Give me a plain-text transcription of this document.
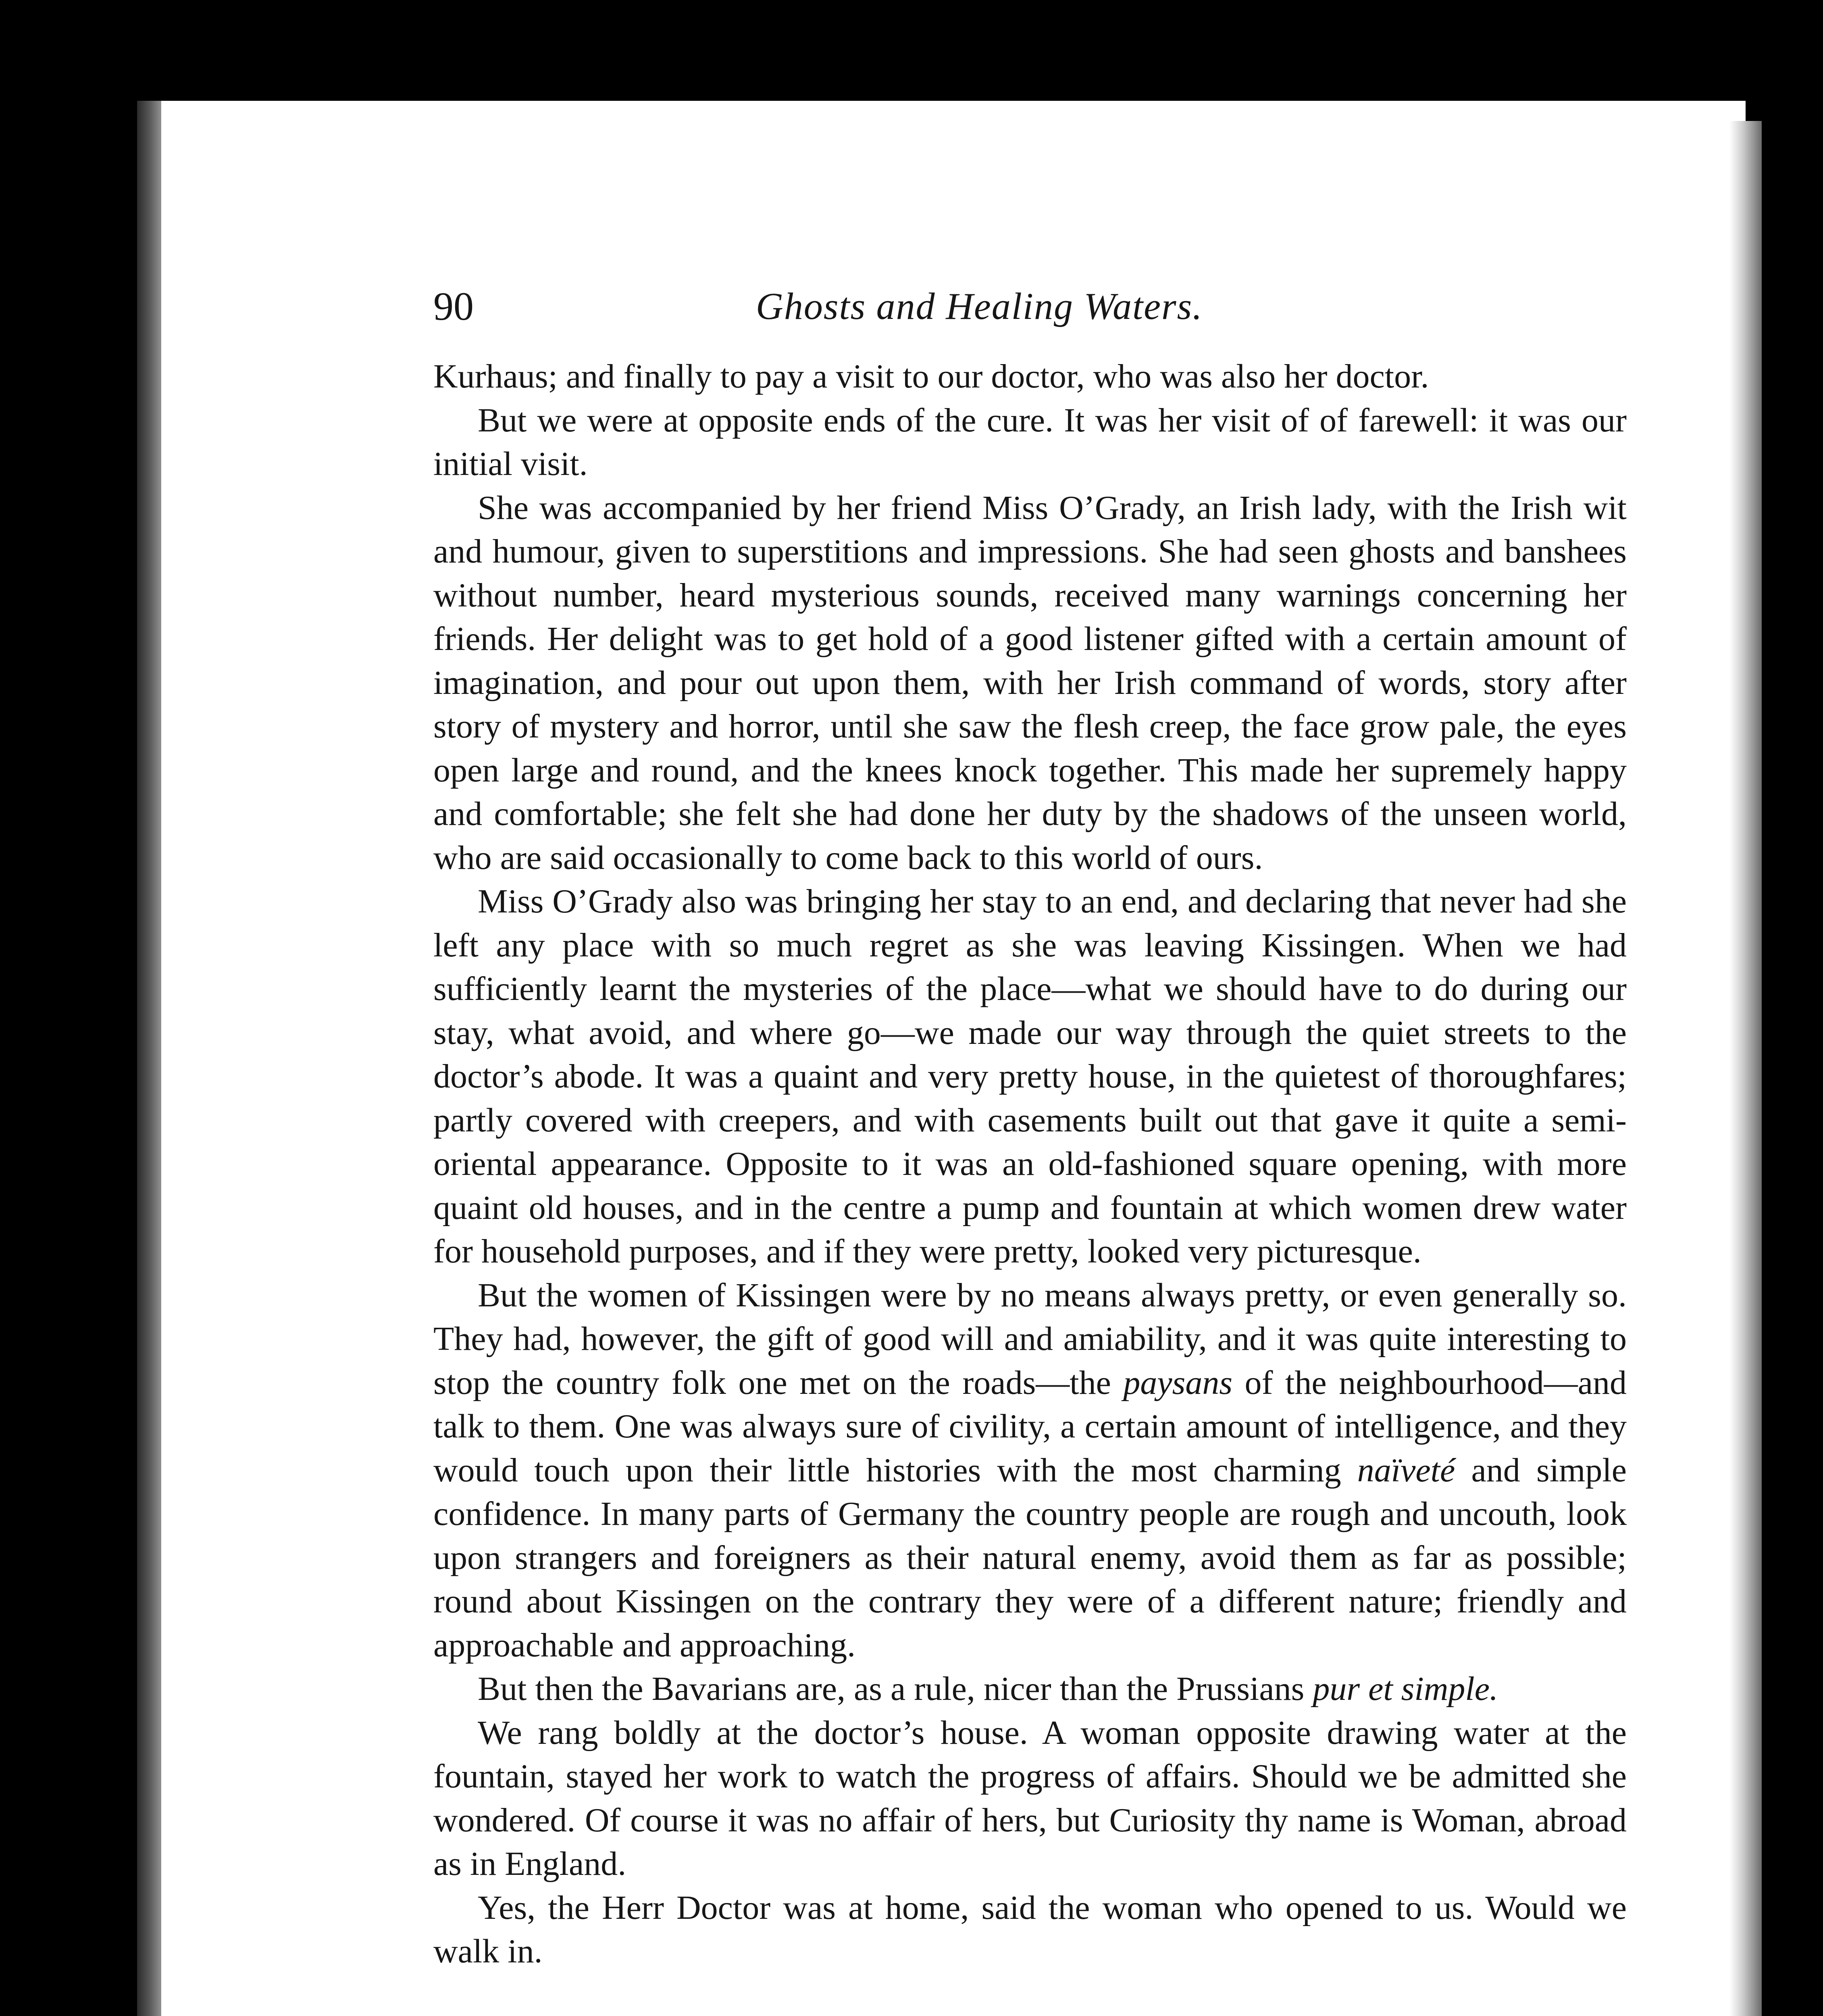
90	Ghosts and Healing Waters.

Kurhaus; and finally to pay a visit to our doctor, who was also her doctor.

But we were at opposite ends of the cure. It was her visit of of farewell: it was our initial visit.

She was accompanied by her friend Miss O’Grady, an Irish lady, with the Irish wit and humour, given to superstitions and impressions. She had seen ghosts and banshees without number, heard mysterious sounds, received many warnings concerning her friends. Her delight was to get hold of a good listener gifted with a certain amount of imagination, and pour out upon them, with her Irish command of words, story after story of mystery and horror, until she saw the flesh creep, the face grow pale, the eyes open large and round, and the knees knock together. This made her supremely happy and comfortable; she felt she had done her duty by the shadows of the unseen world, who are said occasionally to come back to this world of ours.

Miss O’Grady also was bringing her stay to an end, and declaring that never had she left any place with so much regret as she was leaving Kissingen. When we had sufficiently learnt the mysteries of the place—what we should have to do during our stay, what avoid, and where go—we made our way through the quiet streets to the doctor’s abode. It was a quaint and very pretty house, in the quietest of thoroughfares; partly covered with creepers, and with casements built out that gave it quite a semi-oriental appearance. Opposite to it was an old-fashioned square opening, with more quaint old houses, and in the centre a pump and fountain at which women drew water for household purposes, and if they were pretty, looked very picturesque.

But the women of Kissingen were by no means always pretty, or even generally so. They had, however, the gift of good will and amiability, and it was quite interesting to stop the country folk one met on the roads—the paysans of the neighbourhood—and talk to them. One was always sure of civility, a certain amount of intelligence, and they would touch upon their little histories with the most charming naïveté and simple confidence. In many parts of Germany the country people are rough and uncouth, look upon strangers and foreigners as their natural enemy, avoid them as far as possible; round about Kissingen on the contrary they were of a different nature; friendly and approachable and approaching.

But then the Bavarians are, as a rule, nicer than the Prussians pur et simple.

We rang boldly at the doctor’s house. A woman opposite drawing water at the fountain, stayed her work to watch the progress of affairs. Should we be admitted she wondered. Of course it was no affair of hers, but Curiosity thy name is Woman, abroad as in England.

Yes, the Herr Doctor was at home, said the woman who opened to us. Would we walk in.
